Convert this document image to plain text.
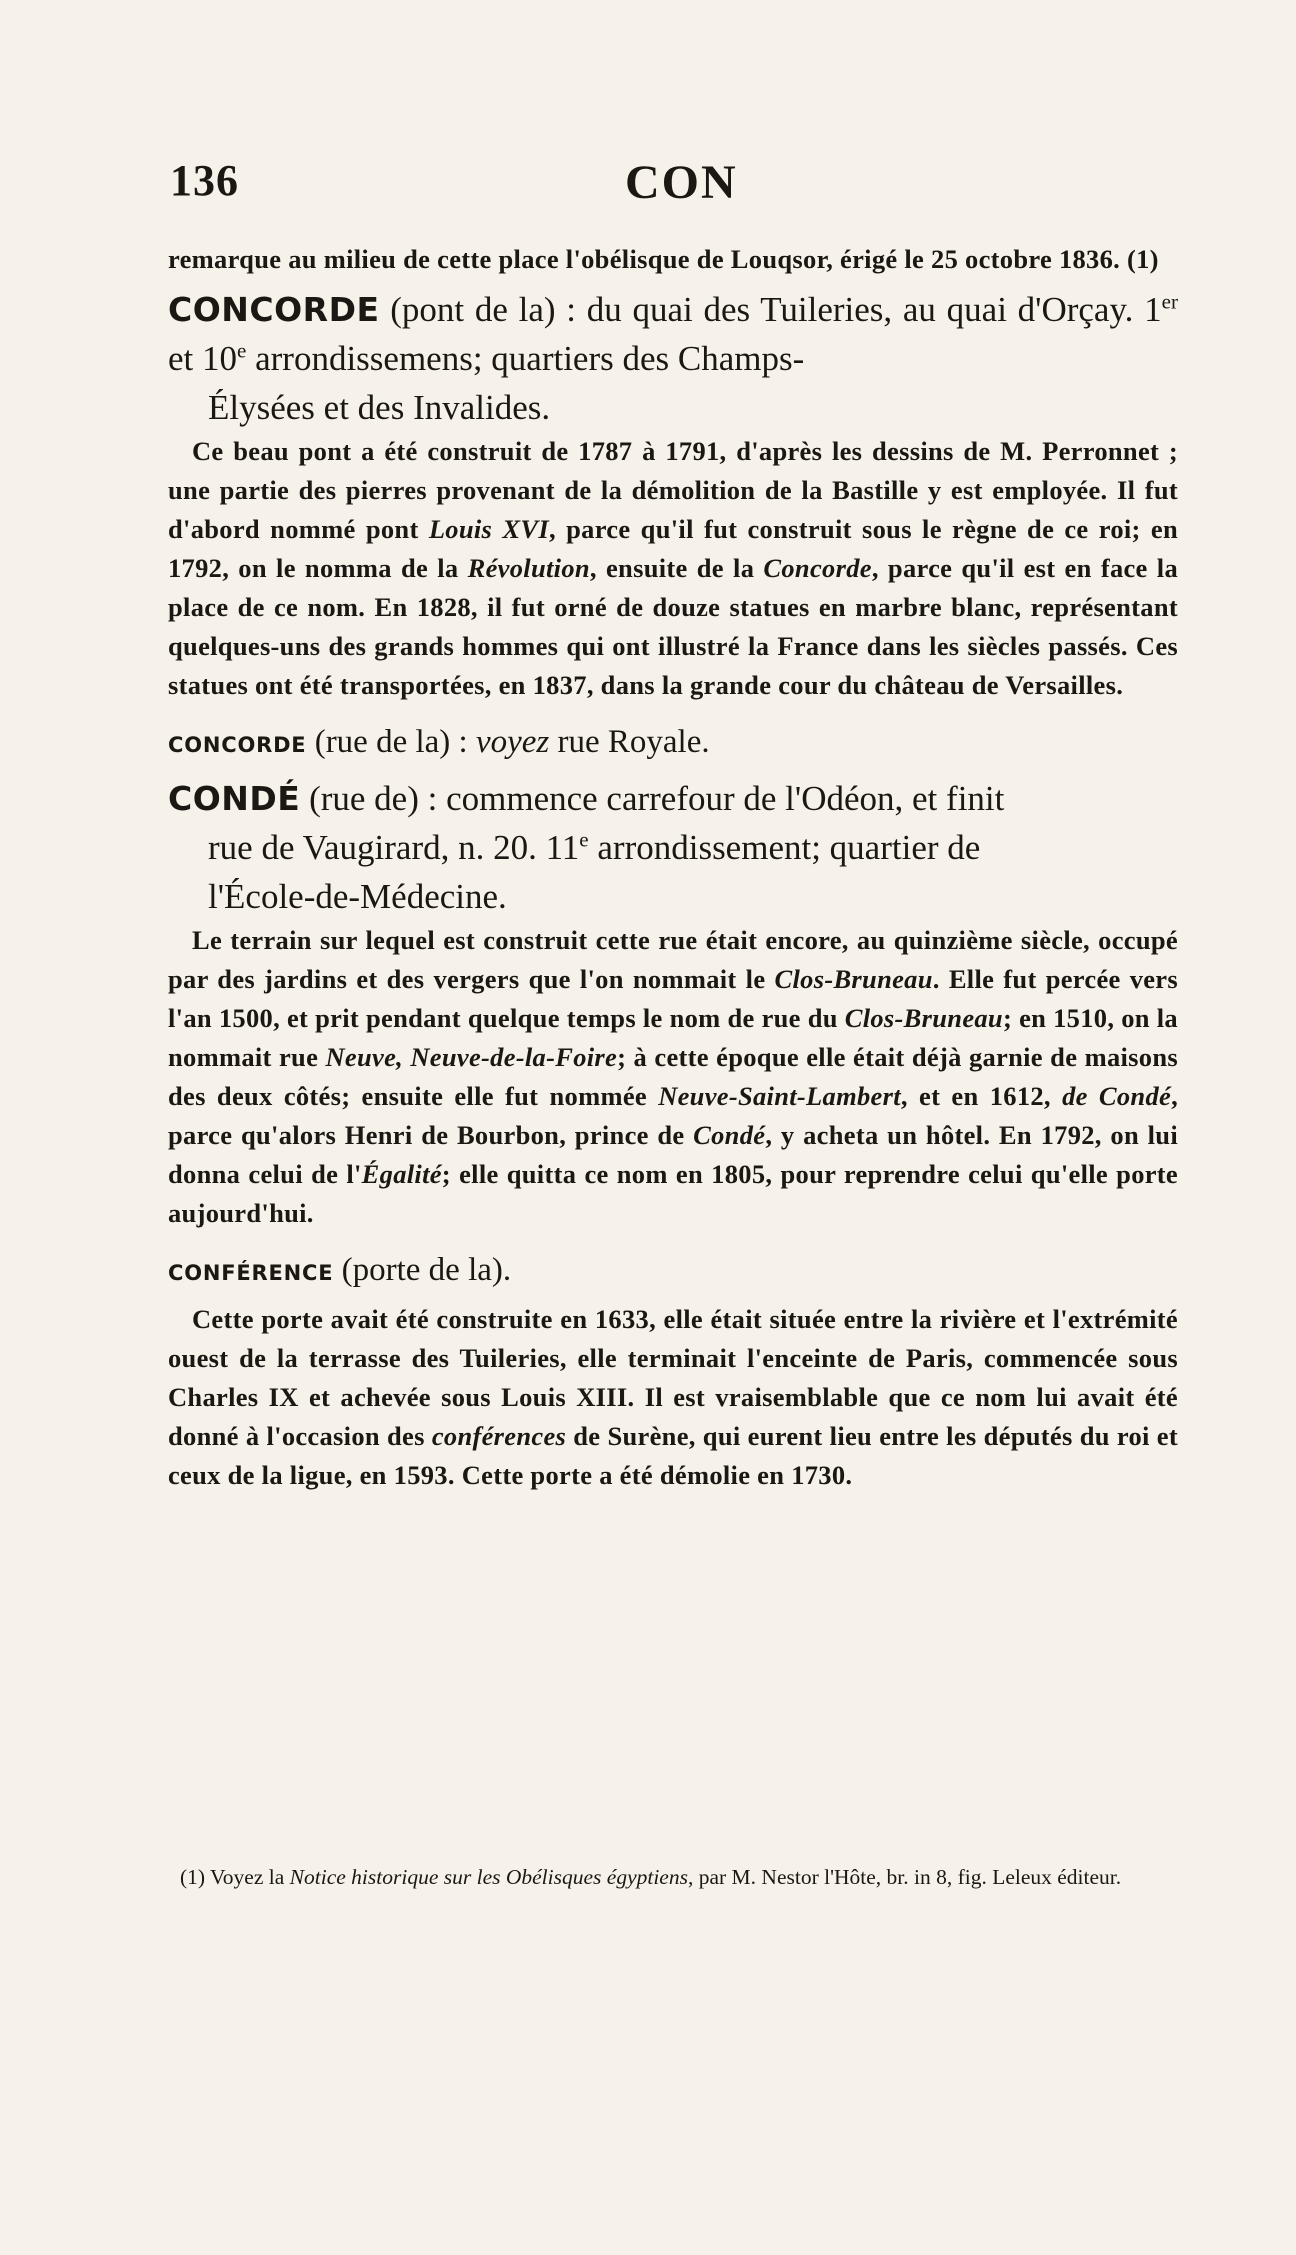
136	CON

remarque au milieu de cette place l'obélisque de Louqsor, érigé le 25 octobre 1836. (1)

CONCORDE (pont de la) : du quai des Tuileries, au quai d'Orçay. 1er et 10e arrondissemens; quartiers des Champs-
Élysées et des Invalides.

Ce beau pont a été construit de 1787 à 1791, d'après les dessins de M. Perronnet ; une partie des pierres provenant de la démolition de la Bastille y est employée. Il fut d'abord nommé pont Louis XVI, parce qu'il fut construit sous le règne de ce roi; en 1792, on le nomma de la Révolution, ensuite de la Concorde, parce qu'il est en face la place de ce nom. En 1828, il fut orné de douze statues en marbre blanc, représentant quelques-uns des grands hommes qui ont illustré la France dans les siècles passés. Ces statues ont été transportées, en 1837, dans la grande cour du château de Versailles.

CONCORDE (rue de la) : voyez rue Royale.

CONDÉ (rue de) : commence carrefour de l'Odéon, et finit
rue de Vaugirard, n. 20. 11e arrondissement; quartier de
l'École-de-Médecine.

Le terrain sur lequel est construit cette rue était encore, au quinzième siècle, occupé par des jardins et des vergers que l'on nommait le Clos-Bruneau. Elle fut percée vers l'an 1500, et prit pendant quelque temps le nom de rue du Clos-Bruneau; en 1510, on la nommait rue Neuve, Neuve-de-la-Foire; à cette époque elle était déjà garnie de maisons des deux côtés; ensuite elle fut nommée Neuve-Saint-Lambert, et en 1612, de Condé, parce qu'alors Henri de Bourbon, prince de Condé, y acheta un hôtel. En 1792, on lui donna celui de l'Égalité; elle quitta ce nom en 1805, pour reprendre celui qu'elle porte aujourd'hui.

CONFÉRENCE (porte de la).

Cette porte avait été construite en 1633, elle était située entre la rivière et l'extrémité ouest de la terrasse des Tuileries, elle terminait l'enceinte de Paris, commencée sous Charles IX et achevée sous Louis XIII. Il est vraisemblable que ce nom lui avait été donné à l'occasion des conférences de Surène, qui eurent lieu entre les députés du roi et ceux de la ligue, en 1593. Cette porte a été démolie en 1730.

(1) Voyez la Notice historique sur les Obélisques égyptiens, par M. Nestor l'Hôte, br. in 8, fig. Leleux éditeur.
